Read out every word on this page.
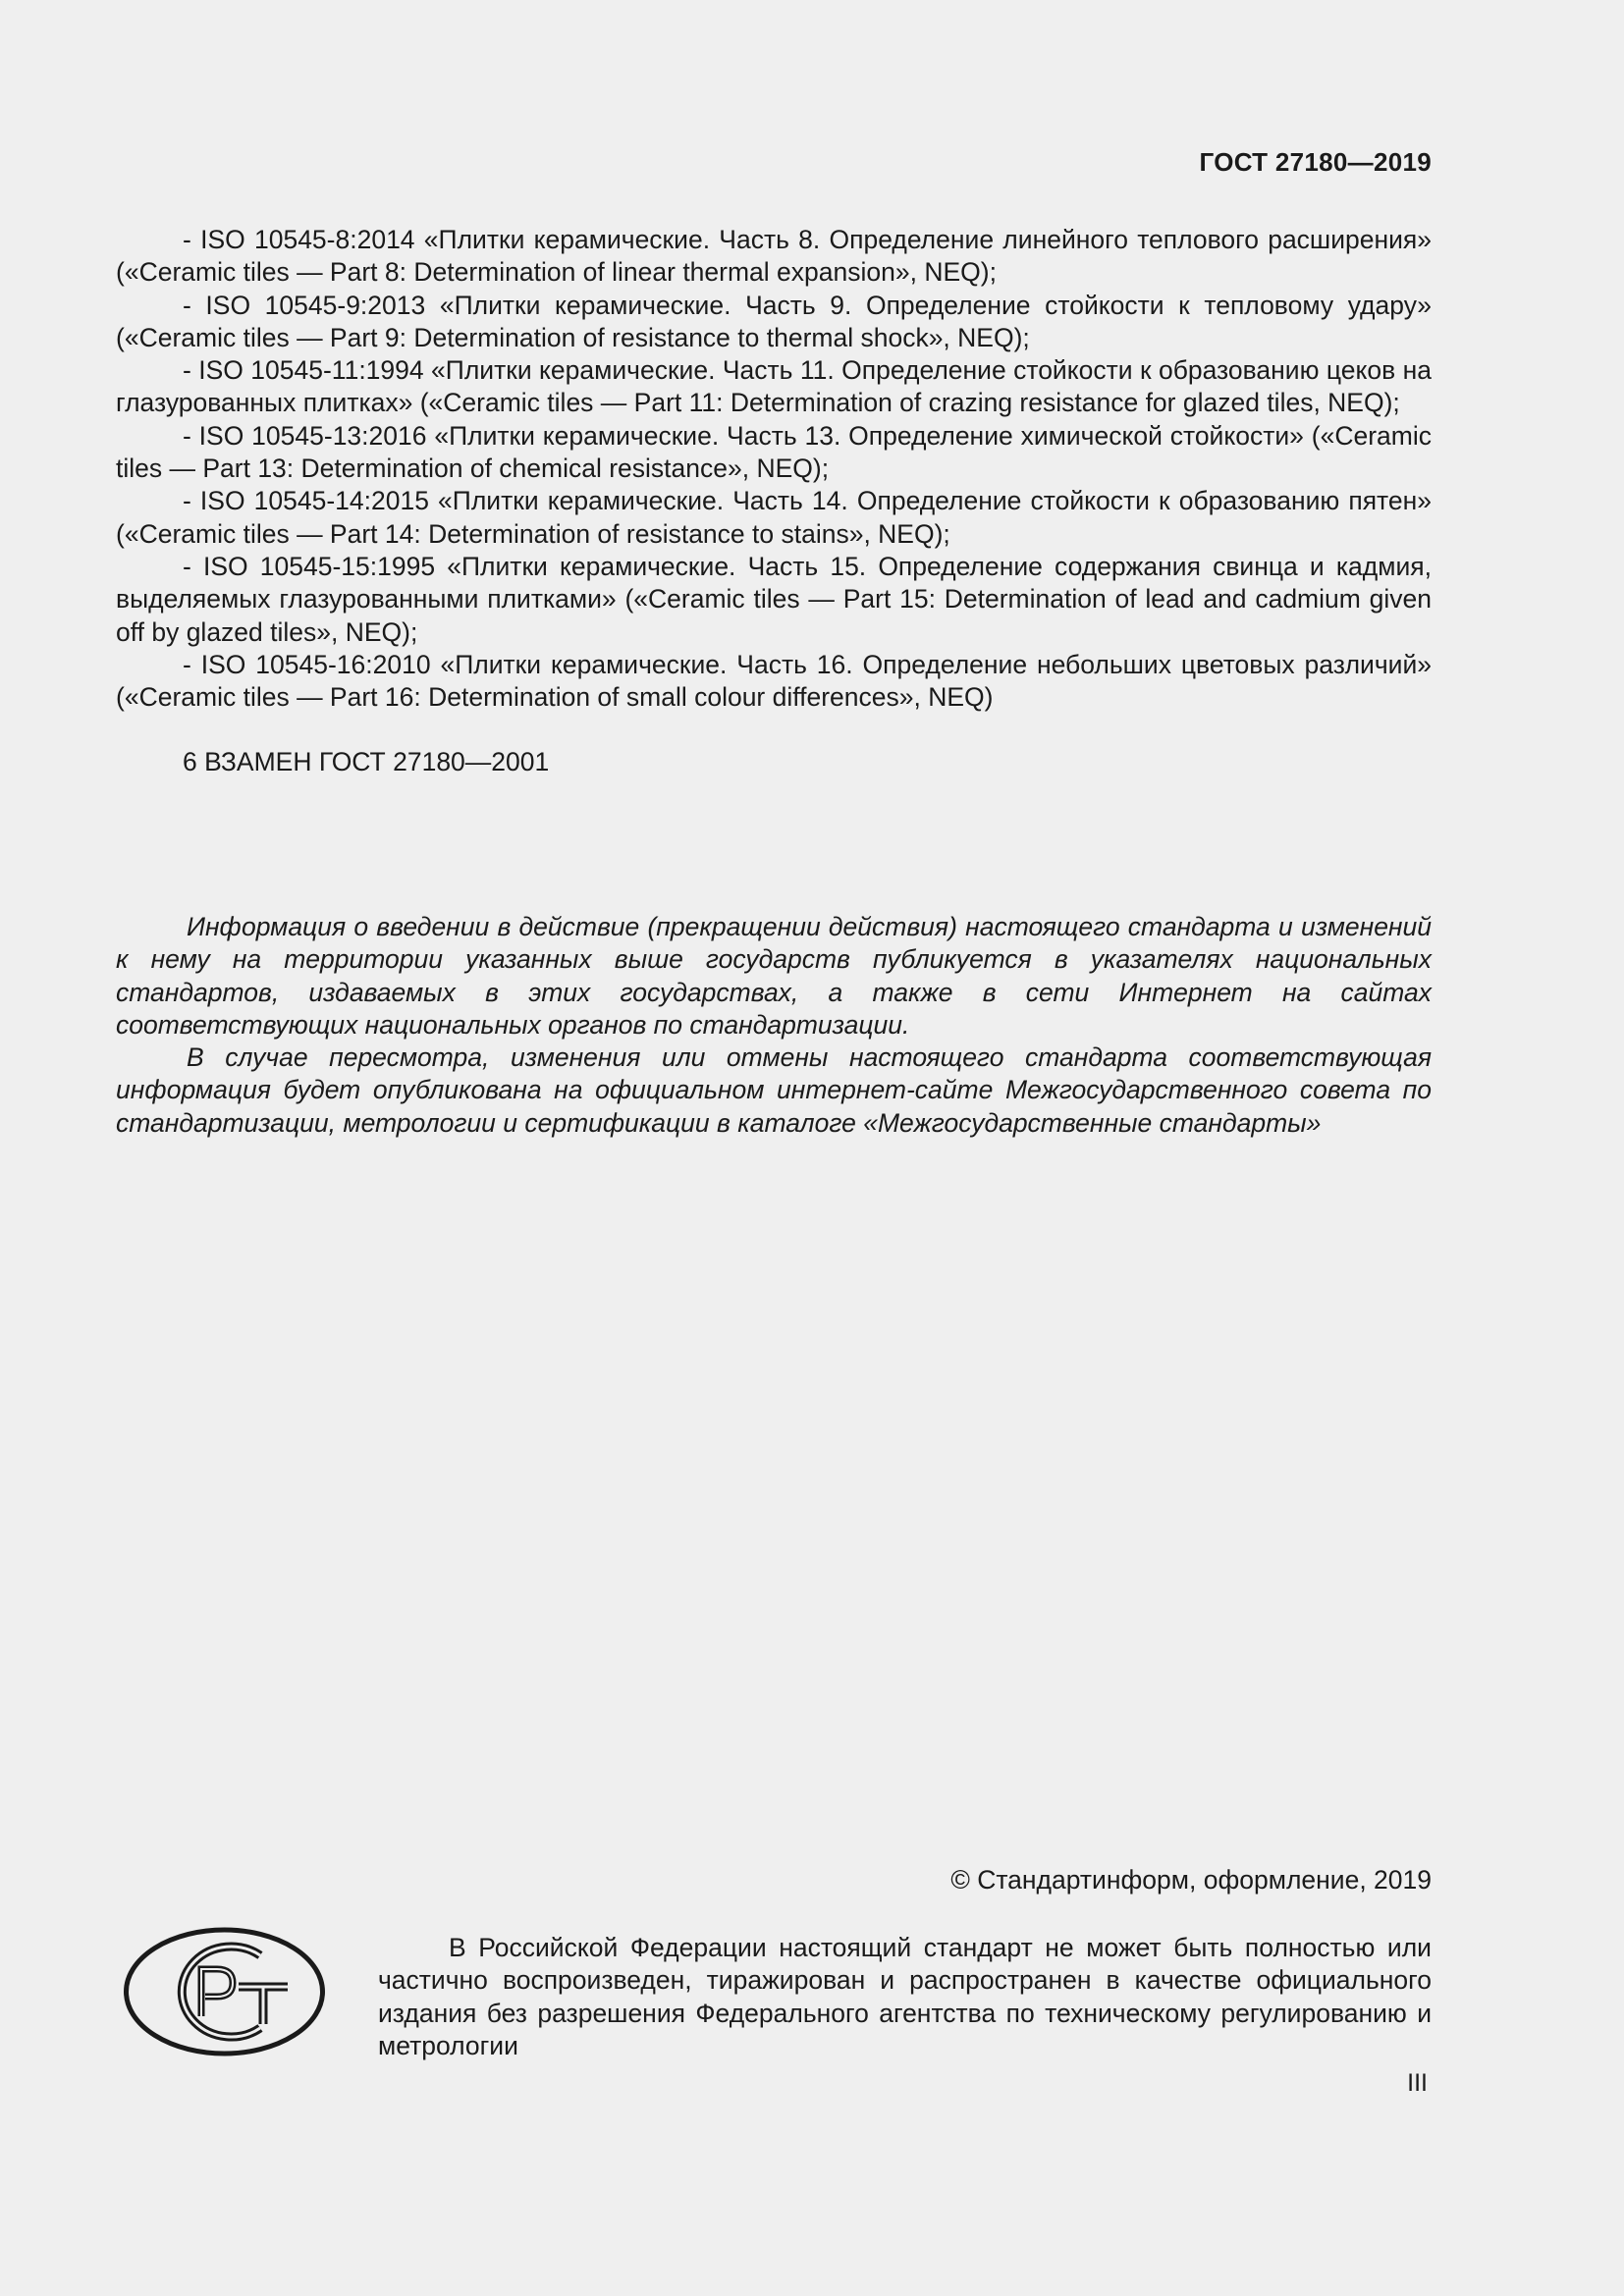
ГОСТ 27180—2019

- ISO 10545-8:2014 «Плитки керамические. Часть 8. Определение линейного теплового расширения» («Ceramic tiles — Part 8: Determination of linear thermal expansion», NEQ);

- ISO 10545-9:2013 «Плитки керамические. Часть 9. Определение стойкости к тепловому удару» («Ceramic tiles — Part 9: Determination of resistance to thermal shock», NEQ);

- ISO 10545-11:1994 «Плитки керамические. Часть 11. Определение стойкости к образованию цеков на глазурованных плитках» («Ceramic tiles — Part 11: Determination of crazing resistance for glazed tiles, NEQ);

- ISO 10545-13:2016 «Плитки керамические. Часть 13. Определение химической стойкости» («Ceramic tiles — Part 13: Determination of chemical resistance», NEQ);

- ISO 10545-14:2015 «Плитки керамические. Часть 14. Определение стойкости к образованию пятен» («Ceramic tiles — Part 14: Determination of resistance to stains», NEQ);

- ISO 10545-15:1995 «Плитки керамические. Часть 15. Определение содержания свинца и кадмия, выделяемых глазурованными плитками» («Ceramic tiles — Part 15: Determination of lead and cadmium given off by glazed tiles», NEQ);

- ISO 10545-16:2010 «Плитки керамические. Часть 16. Определение небольших цветовых различий» («Ceramic tiles — Part 16: Determination of small colour differences», NEQ)

6 ВЗАМЕН ГОСТ 27180—2001

Информация о введении в действие (прекращении действия) настоящего стандарта и изменений к нему на территории указанных выше государств публикуется в указателях национальных стандартов, издаваемых в этих государствах, а также в сети Интернет на сайтах соответствующих национальных органов по стандартизации.

В случае пересмотра, изменения или отмены настоящего стандарта соответствующая информация будет опубликована на официальном интернет-сайте Межгосударственного совета по стандартизации, метрологии и сертификации в каталоге «Межгосударственные стандарты»

© Стандартинформ, оформление, 2019

В Российской Федерации настоящий стандарт не может быть полностью или частично воспроизведен, тиражирован и распространен в качестве официального издания без разрешения Федерального агентства по техническому регулированию и метрологии

III
